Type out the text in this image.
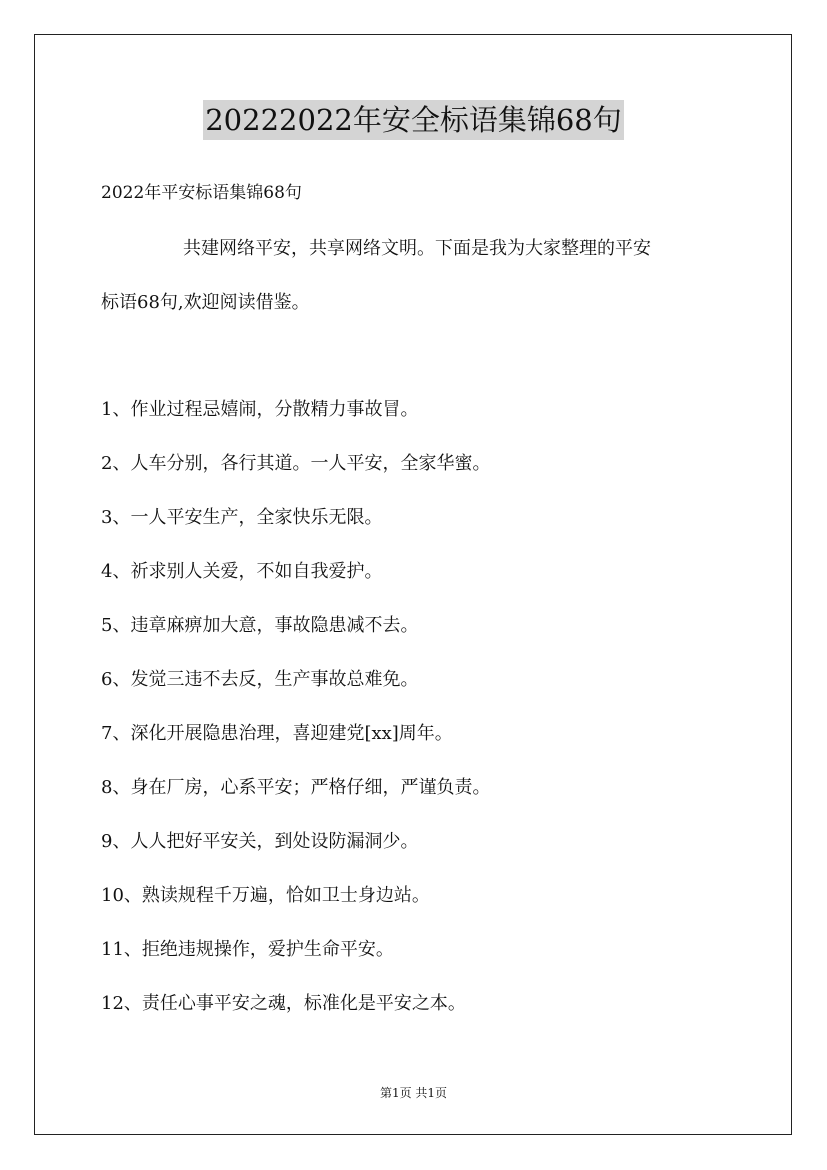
20222022年安全标语集锦68句
2022年平安标语集锦68句
共建网络平安，共享网络文明。下面是我为大家整理的平安
标语68句,欢迎阅读借鉴。
1、作业过程忌嬉闹，分散精力事故冒。
2、人车分别，各行其道。一人平安，全家华蜜。
3、一人平安生产，全家快乐无限。
4、祈求别人关爱，不如自我爱护。
5、违章麻痹加大意，事故隐患减不去。
6、发觉三违不去反，生产事故总难免。
7、深化开展隐患治理，喜迎建党[xx]周年。
8、身在厂房，心系平安；严格仔细，严谨负责。
9、人人把好平安关，到处设防漏洞少。
10、熟读规程千万遍，恰如卫士身边站。
11、拒绝违规操作，爱护生命平安。
12、责任心事平安之魂，标准化是平安之本。
第1页 共1页
